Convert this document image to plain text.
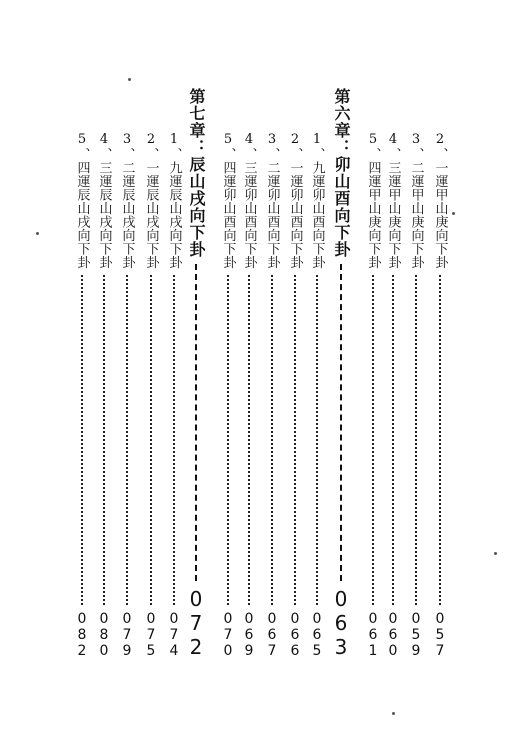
2、一運甲山庚向下卦
057
3、二運甲山庚向下卦
059
4、三運甲山庚向下卦
060
5、四運甲山庚向下卦
061
第六章：卯山酉向下卦
063
1、九運卯山酉向下卦
065
2、一運卯山酉向下卦
066
3、二運卯山酉向下卦
067
4、三運卯山酉向下卦
069
5、四運卯山酉向下卦
070
第七章：辰山戌向下卦
072
1、九運辰山戌向下卦
074
2、一運辰山戌向下卦
075
3、二運辰山戌向下卦
079
4、三運辰山戌向下卦
080
5、四運辰山戌向下卦
082
